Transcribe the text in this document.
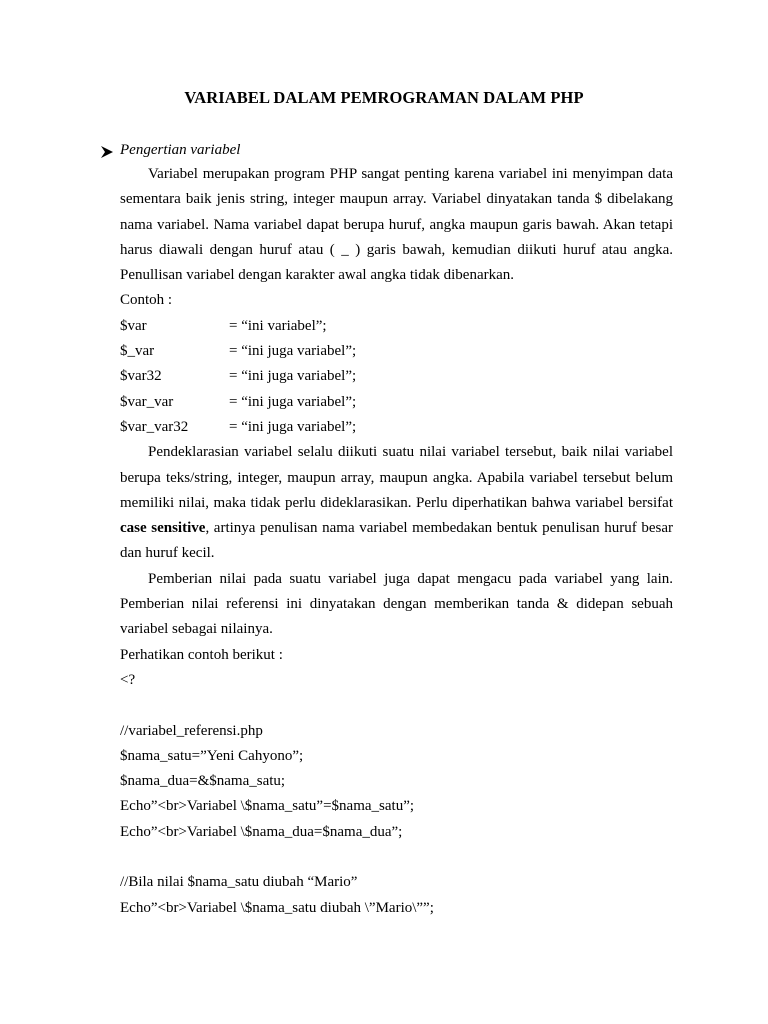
VARIABEL DALAM PEMROGRAMAN DALAM PHP
Pengertian variabel

Variabel merupakan program PHP sangat penting karena variabel ini menyimpan data sementara baik jenis string, integer maupun array. Variabel dinyatakan tanda $ dibelakang nama variabel. Nama variabel dapat berupa huruf, angka maupun garis bawah. Akan tetapi harus diawali dengan huruf atau ( _ ) garis bawah, kemudian diikuti huruf atau angka. Penullisan variabel dengan karakter awal angka tidak dibenarkan.

Contoh :
$var	= “ini variabel”;
$_var	= “ini juga variabel”;
$var32	= “ini juga variabel”;
$var_var	= “ini juga variabel”;
$var_var32	= “ini juga variabel”;

Pendeklarasian variabel selalu diikuti suatu nilai variabel tersebut, baik nilai variabel berupa teks/string, integer, maupun array, maupun angka. Apabila variabel tersebut belum memiliki nilai, maka tidak perlu dideklarasikan. Perlu diperhatikan bahwa variabel bersifat case sensitive, artinya penulisan nama variabel membedakan bentuk penulisan huruf besar dan huruf kecil.

Pemberian nilai pada suatu variabel juga dapat mengacu pada variabel yang lain. Pemberian nilai referensi ini dinyatakan dengan memberikan tanda & didepan sebuah variabel sebagai nilainya.

Perhatikan contoh berikut :
<?
//variabel_referensi.php
$nama_satu=”Yeni Cahyono”;
$nama_dua=&$nama_satu;
Echo”<br>Variabel \$nama_satu”=$nama_satu”;
Echo”<br>Variabel \$nama_dua=$nama_dua”;
//Bila nilai $nama_satu diubah “Mario”
Echo”<br>Variabel \$nama_satu diubah \”Mario\””;
